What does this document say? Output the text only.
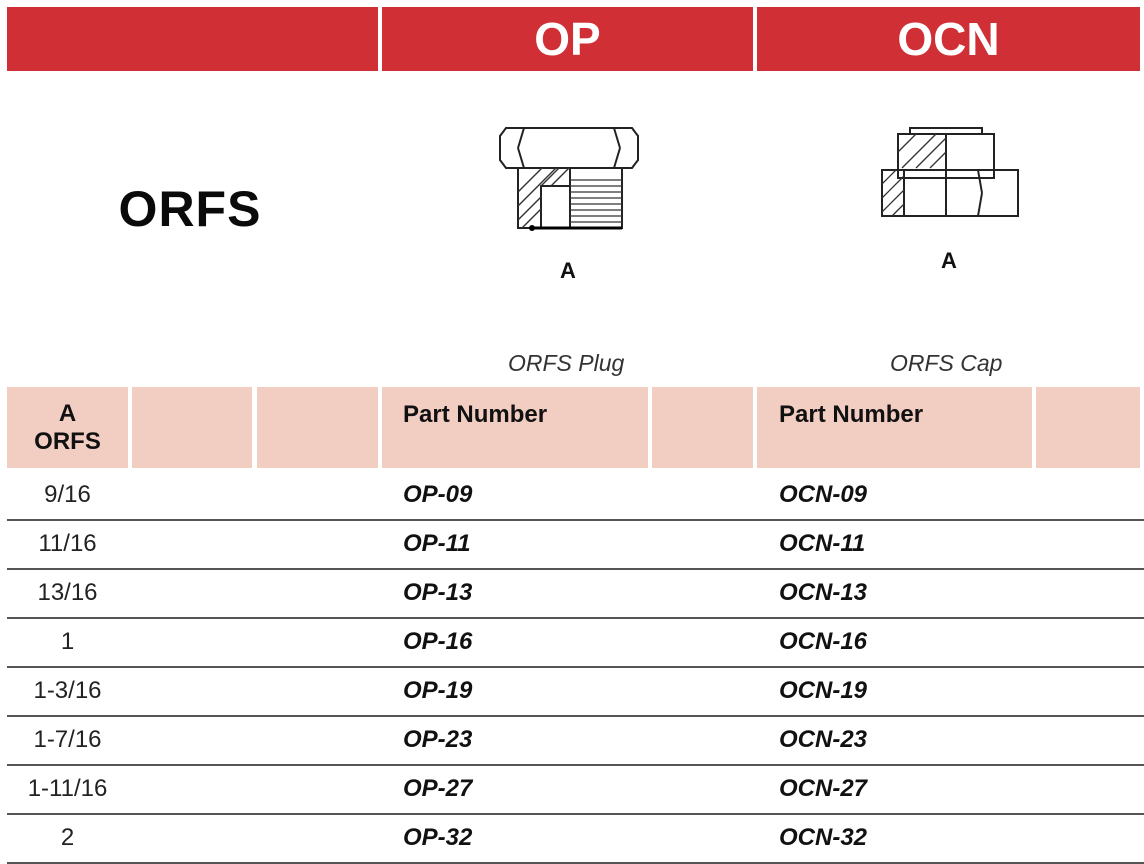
OP	OCN
ORFS
A	A
ORFS Plug	ORFS Cap
A
ORFS
Part Number	Part Number
9/16	OP-09	OCN-09
11/16	OP-11	OCN-11
13/16	OP-13	OCN-13
1	OP-16	OCN-16
1-3/16	OP-19	OCN-19
1-7/16	OP-23	OCN-23
1-11/16	OP-27	OCN-27
2	OP-32	OCN-32
